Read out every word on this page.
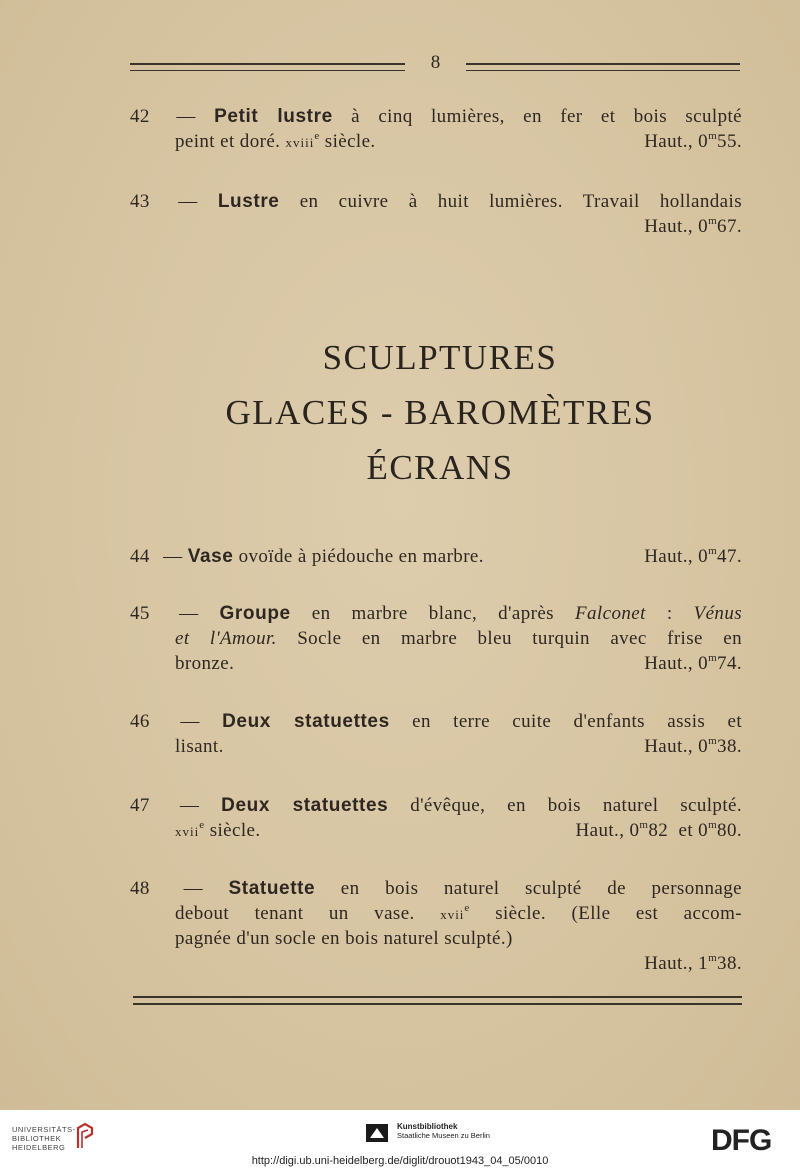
8
42 — Petit lustre à cinq lumières, en fer et bois sculpté
peint et doré. xviii$^e$ siècle.	Haut., 0$^m$55.
43 — Lustre en cuivre à huit lumières. Travail hollandais
Haut., 0$^m$67.
SCULPTURES
GLACES - BAROMÈTRES
ÉCRANS
44 — Vase ovoïde à piédouche en marbre.	Haut., 0$^m$47.
45 — Groupe en marbre blanc, d'après Falconet : Vénus
et l'Amour. Socle en marbre bleu turquin avec frise en
bronze.	Haut., 0$^m$74.
46 — Deux statuettes en terre cuite d'enfants assis et
lisant.	Haut., 0$^m$38.
47 — Deux statuettes d'évêque, en bois naturel sculpté.
xvii$^e$ siècle.	Haut., 0$^m$82 et 0$^m$80.
48 — Statuette en bois naturel sculpté de personnage
debout tenant un vase. xvii$^e$ siècle. (Elle est accom-
pagnée d'un socle en bois naturel sculpté.)
Haut., 1$^m$38.
UNIVERSITÄTS-
BIBLIOTHEK
HEIDELBERG
Kunstbibliothek
Staatliche Museen zu Berlin	DFG
http://digi.ub.uni-heidelberg.de/diglit/drouot1943_04_05/0010
